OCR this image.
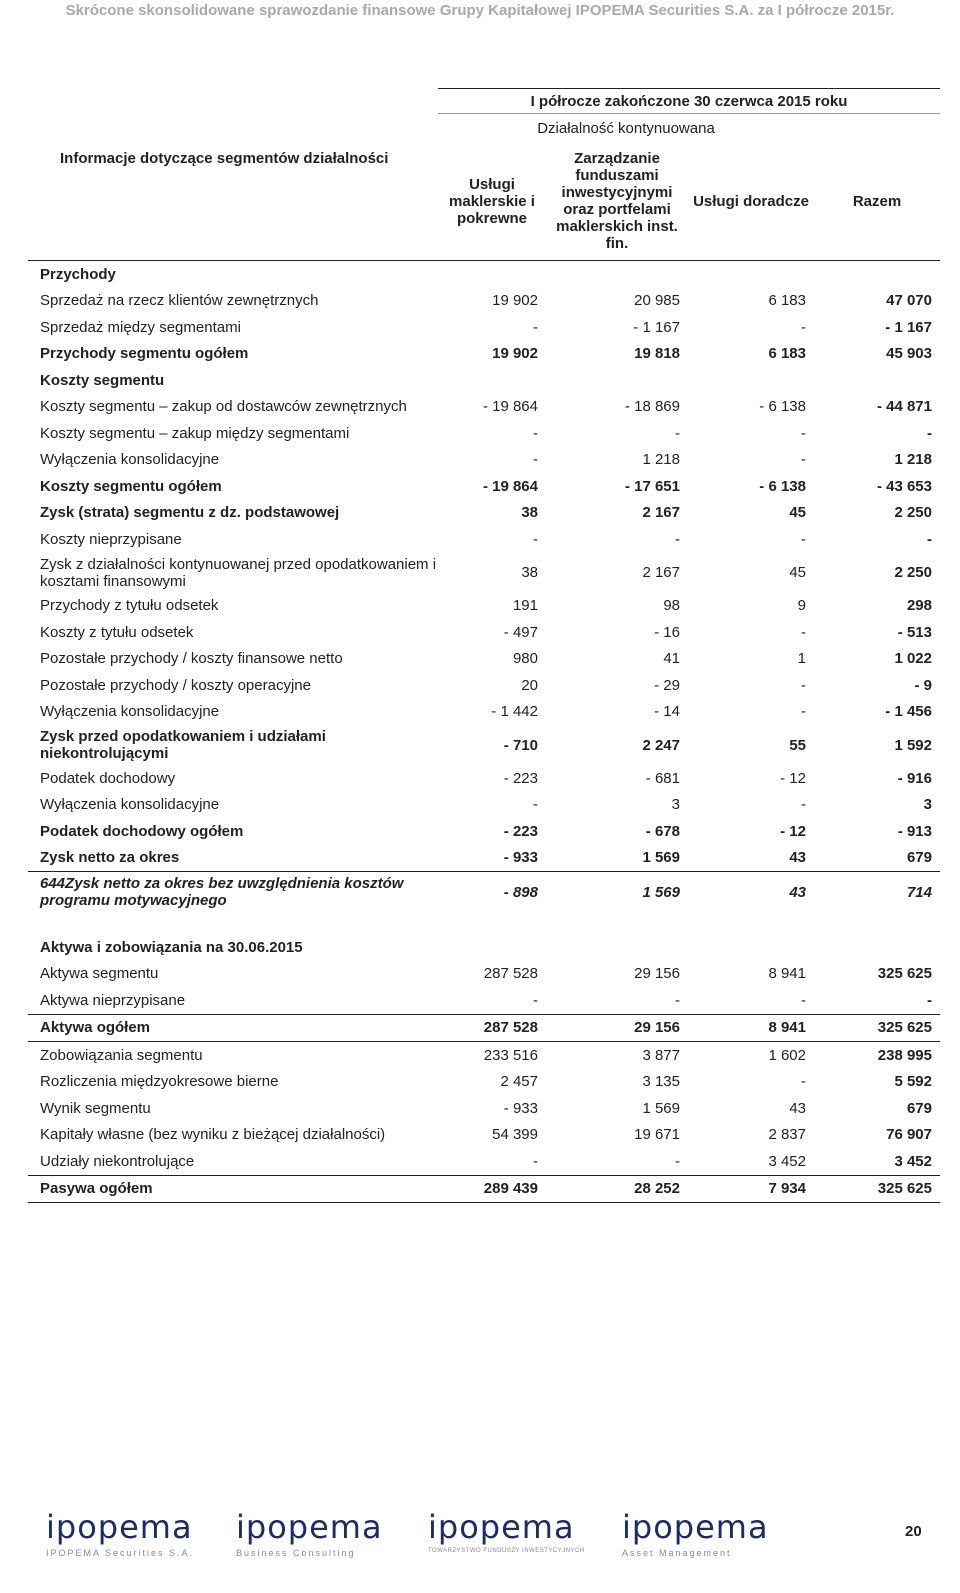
Skrócone skonsolidowane sprawozdanie finansowe Grupy Kapitałowej IPOPEMA Securities S.A. za I półrocze 2015r.
	I półrocze zakończone 30 czerwca 2015 roku			
	Działalność kontynuowana			
Informacje dotyczące segmentów działalności	Usługi maklerskie i pokrewne	Zarządzanie funduszami inwestycyjnymi oraz portfelami maklerskich inst. fin.	Usługi doradcze	Razem
Przychody				
Sprzedaż na rzecz klientów zewnętrznych	19 902	20 985	6 183	47 070
Sprzedaż między segmentami	-	- 1 167	-	- 1 167
Przychody segmentu ogółem	19 902	19 818	6 183	45 903
Koszty segmentu				
Koszty segmentu – zakup od dostawców zewnętrznych	- 19 864	- 18 869	- 6 138	- 44 871
Koszty segmentu – zakup między segmentami	-	-	-	-
Wyłączenia konsolidacyjne	-	1 218	-	1 218
Koszty segmentu ogółem	- 19 864	- 17 651	- 6 138	- 43 653
Zysk (strata) segmentu z dz. podstawowej	38	2 167	45	2 250
Koszty nieprzypisane	-	-	-	-
Zysk z działalności kontynuowanej przed opodatkowaniem i kosztami finansowymi	38	2 167	45	2 250
Przychody z tytułu odsetek	191	98	9	298
Koszty z tytułu odsetek	- 497	- 16	-	- 513
Pozostałe przychody / koszty finansowe netto	980	41	1	1 022
Pozostałe przychody / koszty operacyjne	20	- 29	-	- 9
Wyłączenia konsolidacyjne	- 1 442	- 14	-	- 1 456
Zysk przed opodatkowaniem i udziałami niekontrolującymi	- 710	2 247	55	1 592
Podatek dochodowy	- 223	- 681	- 12	- 916
Wyłączenia konsolidacyjne	-	3	-	3
Podatek dochodowy ogółem	- 223	- 678	- 12	- 913
Zysk netto za okres	- 933	1 569	43	679
644Zysk netto za okres bez uwzględnienia kosztów programu motywacyjnego	- 898	1 569	43	714

Aktywa i zobowiązania na 30.06.2015				
Aktywa segmentu	287 528	29 156	8 941	325 625
Aktywa nieprzypisane	-	-	-	-
Aktywa ogółem	287 528	29 156	8 941	325 625
Zobowiązania segmentu	233 516	3 877	1 602	238 995
Rozliczenia międzyokresowe bierne	2 457	3 135	-	5 592
Wynik segmentu	- 933	1 569	43	679
Kapitały własne (bez wyniku z bieżącej działalności)	54 399	19 671	2 837	76 907
Udziały niekontrolujące	-	-	3 452	3 452
Pasywa ogółem	289 439	28 252	7 934	325 625
ipopema
IPOPEMA Securities S.A.
ipopema
Business Consulting
ipopema
TOWARZYSTWO FUNDUSZY INWESTYCYJNYCH
ipopema
Asset Management
20
